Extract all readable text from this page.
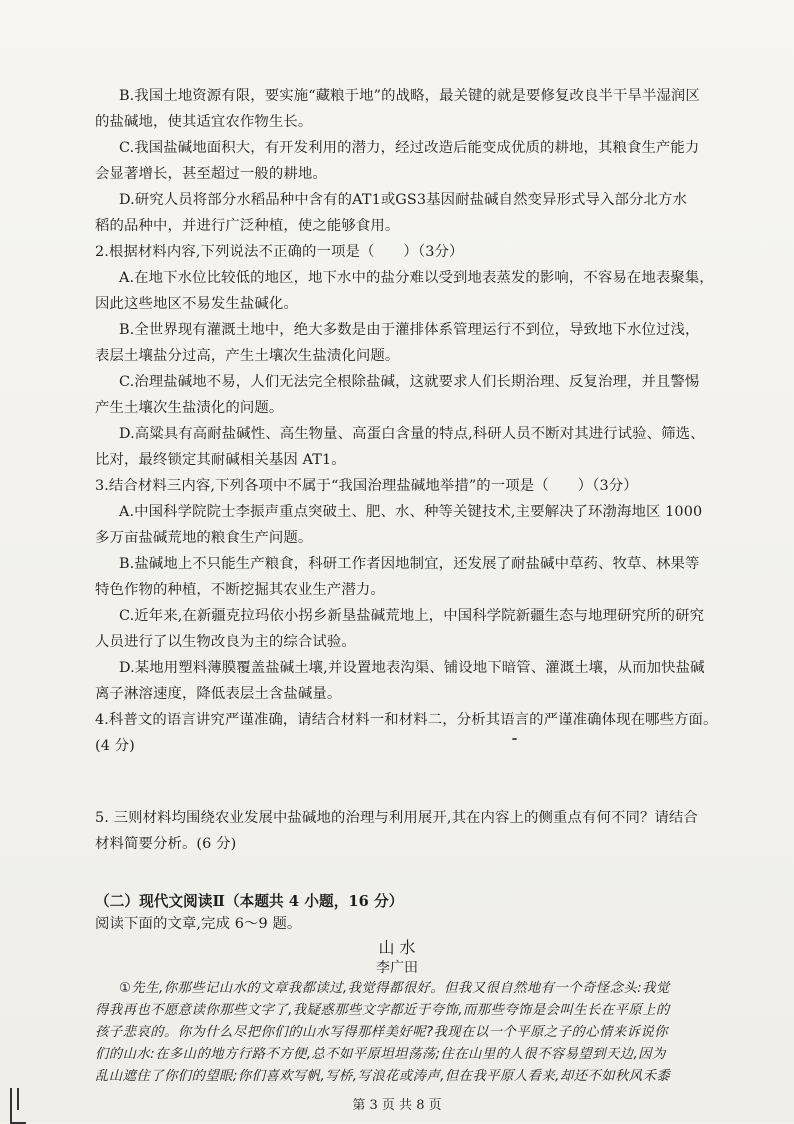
B.我国土地资源有限，要实施“藏粮于地”的战略，最关键的就是要修复改良半干旱半湿润区
的盐碱地，使其适宜农作物生长。
C.我国盐碱地面积大，有开发利用的潜力，经过改造后能变成优质的耕地，其粮食生产能力
会显著增长，甚至超过一般的耕地。
D.研究人员将部分水稻品种中含有的AT1或GS3基因耐盐碱自然变异形式导入部分北方水
稻的品种中，并进行广泛种植，使之能够食用。
2.根据材料内容,下列说法不正确的一项是（　　）（3分）
A.在地下水位比较低的地区，地下水中的盐分难以受到地表蒸发的影响，不容易在地表聚集，
因此这些地区不易发生盐碱化。
B.全世界现有灌溉土地中，绝大多数是由于灌排体系管理运行不到位，导致地下水位过浅，
表层土壤盐分过高，产生土壤次生盐渍化问题。
C.治理盐碱地不易，人们无法完全根除盐碱，这就要求人们长期治理、反复治理，并且警惕
产生土壤次生盐渍化的问题。
D.高粱具有高耐盐碱性、高生物量、高蛋白含量的特点,科研人员不断对其进行试验、筛选、
比对，最终锁定其耐碱相关基因 AT1。
3.结合材料三内容,下列各项中不属于“我国治理盐碱地举措”的一项是（　　）（3分）
A.中国科学院院士李振声重点突破土、肥、水、种等关键技术,主要解决了环渤海地区 1000
多万亩盐碱荒地的粮食生产问题。
B.盐碱地上不只能生产粮食，科研工作者因地制宜，还发展了耐盐碱中草药、牧草、林果等
特色作物的种植，不断挖掘其农业生产潜力。
C.近年来,在新疆克拉玛依小拐乡新垦盐碱荒地上，中国科学院新疆生态与地理研究所的研究
人员进行了以生物改良为主的综合试验。
D.某地用塑料薄膜覆盖盐碱土壤,并设置地表沟渠、铺设地下暗管、灌溉土壤，从而加快盐碱
离子淋溶速度，降低表层土含盐碱量。
4.科普文的语言讲究严谨准确，请结合材料一和材料二，分析其语言的严谨准确体现在哪些方面。
(4 分)
5. 三则材料均围绕农业发展中盐碱地的治理与利用展开,其在内容上的侧重点有何不同？请结合
材料简要分析。(6 分)
（二）现代文阅读Ⅱ（本题共 4 小题，16 分）
阅读下面的文章,完成 6～9 题。
山 水
李广田
①先生,你那些记山水的文章我都读过,我觉得都很好。但我又很自然地有一个奇怪念头:我觉
得我再也不愿意读你那些文字了,我疑惑那些文字都近于夸饰,而那些夸饰是会叫生长在平原上的
孩子悲哀的。你为什么尽把你们的山水写得那样美好呢?我现在以一个平原之子的心情来诉说你
们的山水:在多山的地方行路不方便,总不如平原坦坦荡荡;住在山里的人很不容易望到天边,因为
乱山遮住了你们的望眼;你们喜欢写帆,写桥,写浪花或涛声,但在我平原人看来,却还不如秋风禾黍
第 3 页 共 8 页
